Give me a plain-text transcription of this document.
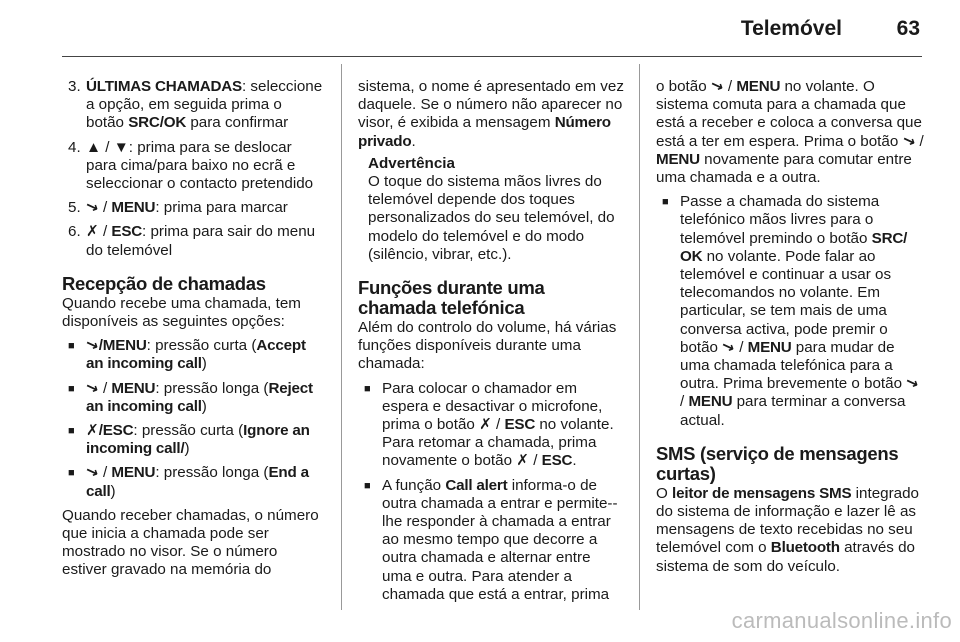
Telemóvel	63
3. ÚLTIMAS CHAMADAS: seleccione a opção, em seguida prima o botão SRC/OK para confirmar
4. ▲ / ▼: prima para se deslocar para cima/para baixo no ecrã e seleccionar o contacto pretendido
5. ↘ / MENU: prima para marcar
6. ✗ / ESC: prima para sair do menu do telemóvel
Recepção de chamadas

Quando recebe uma chamada, tem disponíveis as seguintes opções:

■ ↘/MENU: pressão curta (Accept an incoming call)
■ ↘ / MENU: pressão longa (Reject an incoming call)
■ ✗/ESC: pressão curta (Ignore an incoming call/)
■ ↘ / MENU: pressão longa (End a call)

Quando receber chamadas, o número que inicia a chamada pode ser mostrado no visor. Se o número estiver gravado na memória do

sistema, o nome é apresentado em vez daquele. Se o número não aparecer no visor, é exibida a mensagem Número privado.

Advertência
O toque do sistema mãos livres do telemóvel depende dos toques personalizados do seu telemóvel, do modelo do telemóvel e do modo (silêncio, vibrar, etc.).
Funções durante uma chamada telefónica

Além do controlo do volume, há várias funções disponíveis durante uma chamada:

■ Para colocar o chamador em espera e desactivar o microfone, prima o botão ✗ / ESC no volante. Para retomar a chamada, prima novamente o botão ✗ / ESC.
■ A função Call alert informa-o de outra chamada a entrar e permite--lhe responder à chamada a entrar ao mesmo tempo que decorre a outra chamada e alternar entre uma e outra. Para atender a chamada que está a entrar, prima

o botão ↘ / MENU no volante. O sistema comuta para a chamada que está a receber e coloca a conversa que está a ter em espera. Prima o botão ↘ / MENU novamente para comutar entre uma chamada e a outra.

■ Passe a chamada do sistema telefónico mãos livres para o telemóvel premindo o botão SRC/ OK no volante. Pode falar ao telemóvel e continuar a usar os telecomandos no volante. Em particular, se tem mais de uma conversa activa, pode premir o botão ↘ / MENU para mudar de uma chamada telefónica para a outra. Prima brevemente o botão ↘ / MENU para terminar a conversa actual.
SMS (serviço de mensagens curtas)

O leitor de mensagens SMS integrado do sistema de informação e lazer lê as mensagens de texto recebidas no seu telemóvel com o Bluetooth através do sistema de som do veículo.

carmanualsonline.info
